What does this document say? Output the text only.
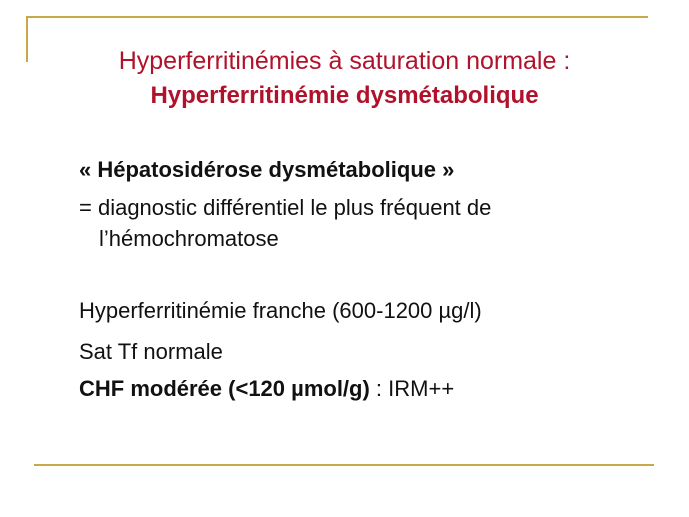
Hyperferritinémies à saturation normale :
Hyperferritinémie dysmétabolique
« Hépatosidérose dysmétabolique »
= diagnostic différentiel le plus fréquent de
l’hémochromatose
Hyperferritinémie franche (600-1200 µg/l)
Sat Tf normale
CHF modérée (<120 µmol/g) : IRM++
